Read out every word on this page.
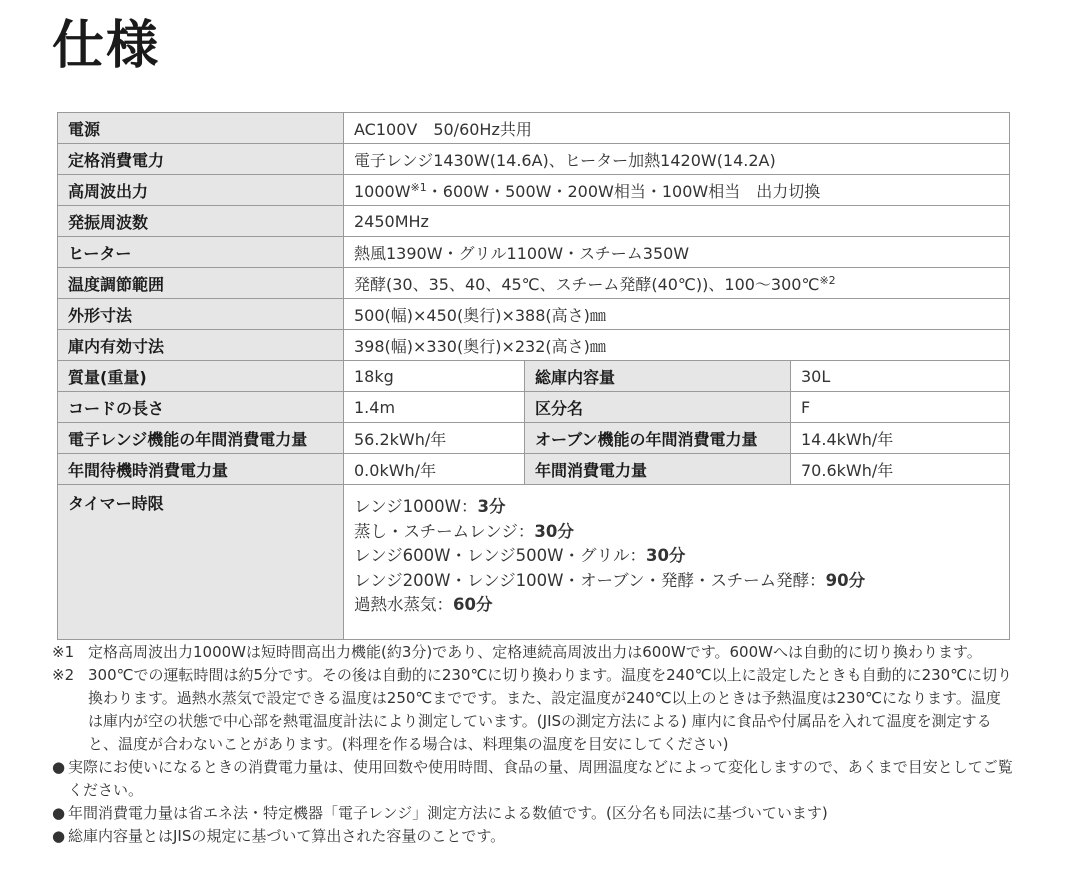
仕様
電源	AC100V　50/60Hz共用		
定格消費電力	電子レンジ1430W(14.6A)、ヒーター加熱1420W(14.2A)		
高周波出力	$1000W^{※1}$・600W・500W・200W相当・100W相当　出力切換		
発振周波数	2450MHz		
ヒーター	熱風1390W・グリル1100W・スチーム350W		
温度調節範囲	発酵(30、35、40、45℃、スチーム発酵(40℃))、100〜300℃$^{※2}$
外形寸法	500(幅)×450(奥行)×388(高さ)㎜		
庫内有効寸法	398(幅)×330(奥行)×232(高さ)㎜		
質量(重量)	18kg	総庫内容量	30L
コードの長さ	1.4m	区分名	F
電子レンジ機能の年間消費電力量	56.2kWh/年	オーブン機能の年間消費電力量	14.4kWh/年
年間待機時消費電力量	0.0kWh/年	年間消費電力量	70.6kWh/年
タイマー時限	レンジ1000W：3分
蒸し・スチームレンジ：30分
レンジ600W・レンジ500W・グリル：30分
レンジ200W・レンジ100W・オーブン・発酵・スチーム発酵：90分
過熱水蒸気：60分		
※1 定格高周波出力1000Wは短時間高出力機能(約3分)であり、定格連続高周波出力は600Wです。600Wへは自動的に切り換わります。
※2 300℃での運転時間は約5分です。その後は自動的に230℃に切り換わります。温度を240℃以上に設定したときも自動的に230℃に切り換わります。過熱水蒸気で設定できる温度は250℃までです。また、設定温度が240℃以上のときは予熱温度は230℃になります。温度は庫内が空の状態で中心部を熱電温度計法により測定しています。(JISの測定方法による) 庫内に食品や付属品を入れて温度を測定すると、温度が合わないことがあります。(料理を作る場合は、料理集の温度を目安にしてください)
● 実際にお使いになるときの消費電力量は、使用回数や使用時間、食品の量、周囲温度などによって変化しますので、あくまで目安としてご覧ください。
● 年間消費電力量は省エネ法・特定機器「電子レンジ」測定方法による数値です。(区分名も同法に基づいています)
● 総庫内容量とはJISの規定に基づいて算出された容量のことです。
